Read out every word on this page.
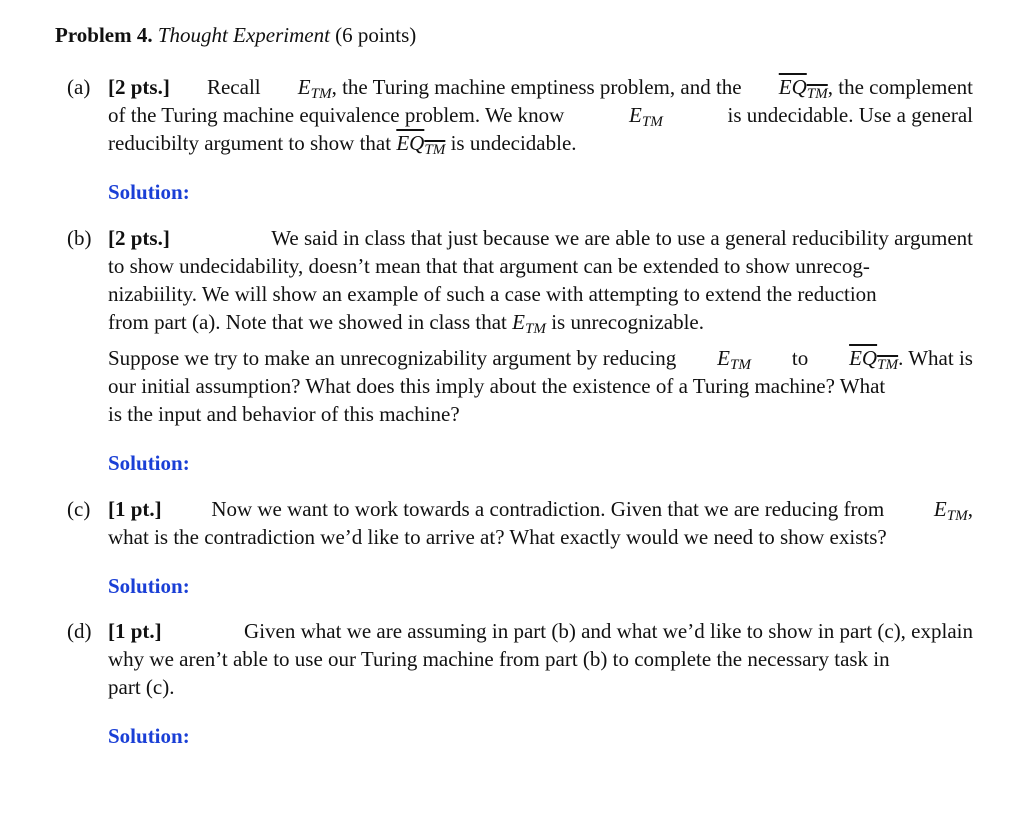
Problem 4. Thought Experiment (6 points)
(a) [2 pts.] Recall $E_{TM}$, the Turing machine emptiness problem, and the $EQ_{TM}$, the complement
of the Turing machine equivalence problem. We know	$E_{TM}$	is undecidable. Use a general
reducibilty argument to show that $EQ_{TM}$ is undecidable.
Solution:
(b) [2 pts.]	We said in class that just because we are able to use a general reducibility argument
to show undecidability, doesn’t mean that that argument can be extended to show unrecog-
nizabiility. We will show an example of such a case with attempting to extend the reduction
from part (a). Note that we showed in class that $E_{TM}$ is unrecognizable.
Suppose we try to make an unrecognizability argument by reducing $E_{TM}$ to $EQ_{TM}$. What is
our initial assumption? What does this imply about the existence of a Turing machine? What
is the input and behavior of this machine?
Solution:
(c) [1 pt.] Now we want to work towards a contradiction. Given that we are reducing from $E_{TM}$,
what is the contradiction we’d like to arrive at? What exactly would we need to show exists?
Solution:
(d) [1 pt.]	Given what we are assuming in part (b) and what we’d like to show in part (c), explain
why we aren’t able to use our Turing machine from part (b) to complete the necessary task in
part (c).
Solution:
